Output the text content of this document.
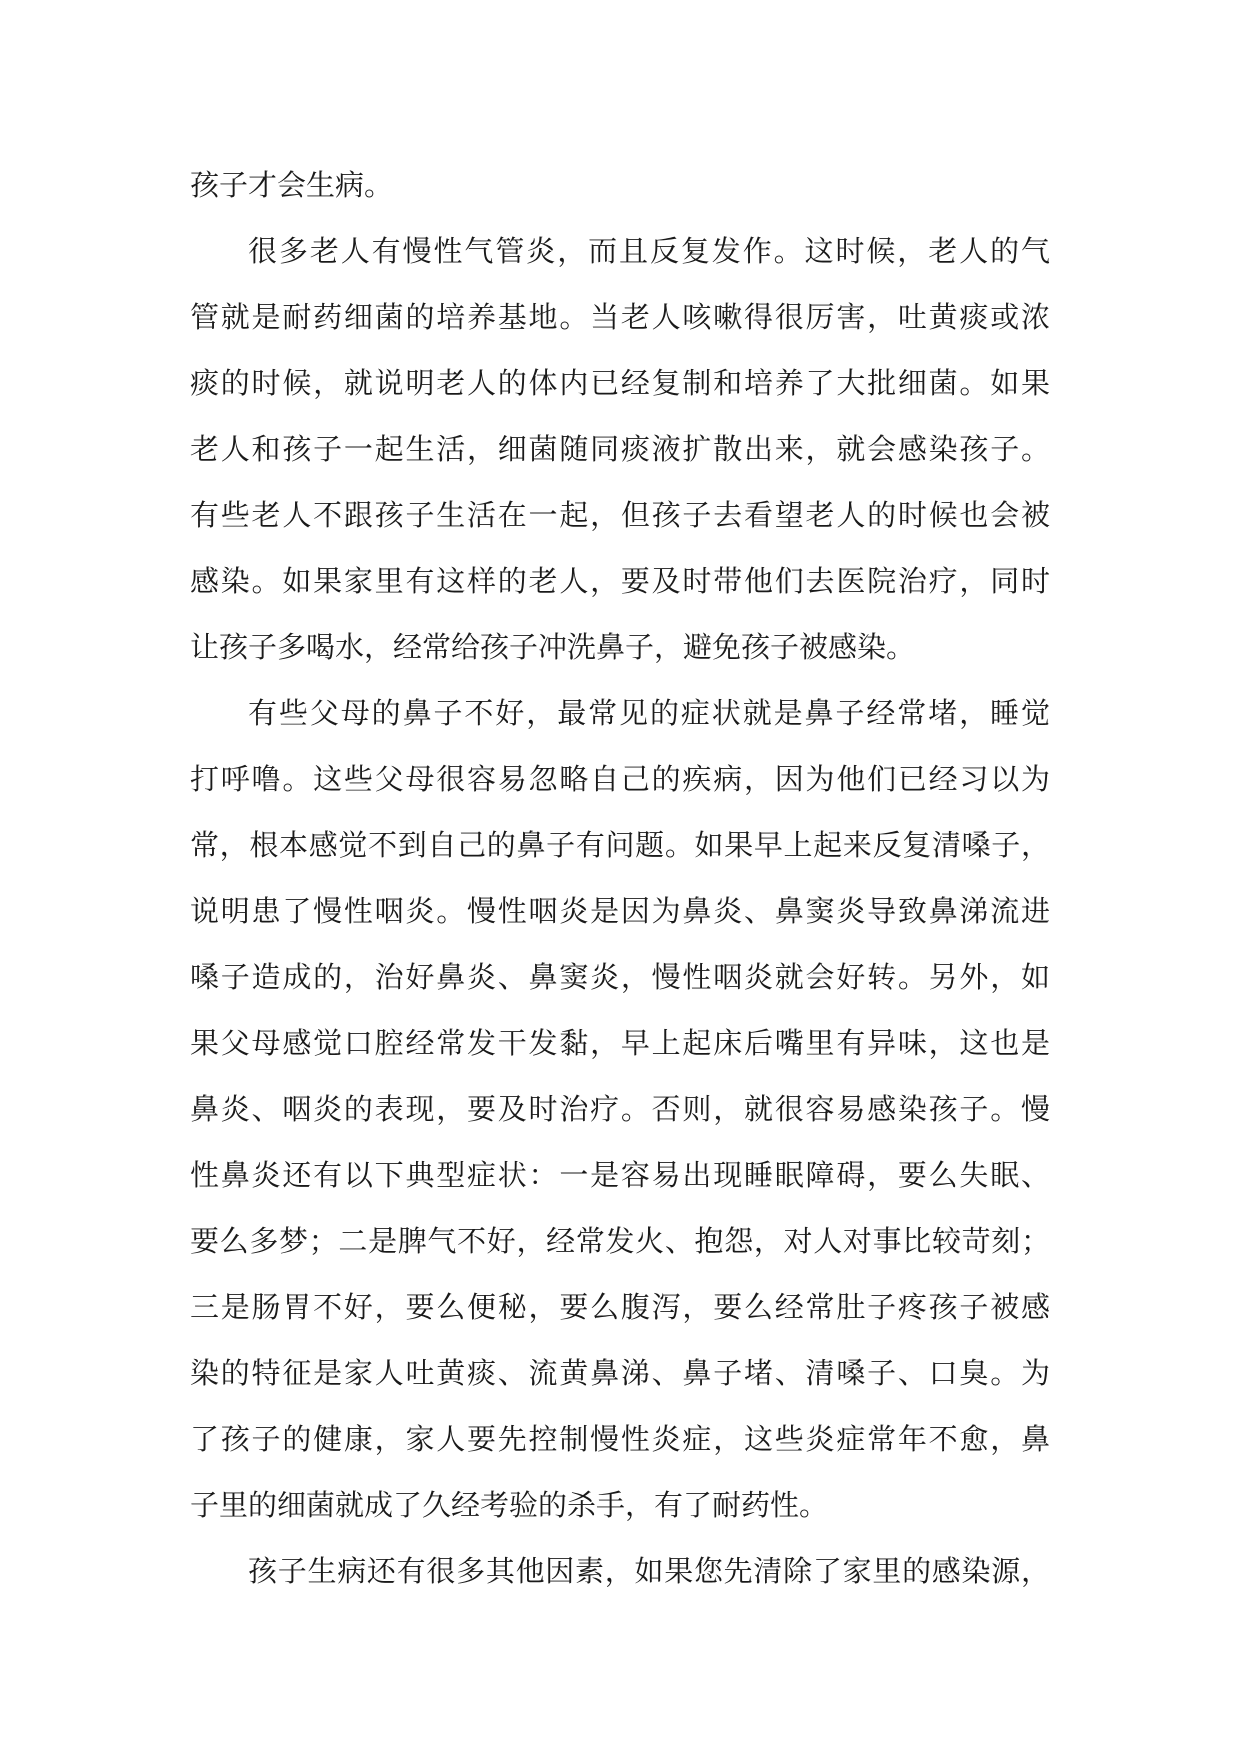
孩子才会生病。

很多老人有慢性气管炎，而且反复发作。这时候，老人的气
管就是耐药细菌的培养基地。当老人咳嗽得很厉害，吐黄痰或浓
痰的时候，就说明老人的体内已经复制和培养了大批细菌。如果
老人和孩子一起生活，细菌随同痰液扩散出来，就会感染孩子。
有些老人不跟孩子生活在一起，但孩子去看望老人的时候也会被
感染。如果家里有这样的老人，要及时带他们去医院治疗，同时
让孩子多喝水，经常给孩子冲洗鼻子，避免孩子被感染。

有些父母的鼻子不好，最常见的症状就是鼻子经常堵，睡觉
打呼噜。这些父母很容易忽略自己的疾病，因为他们已经习以为
常，根本感觉不到自己的鼻子有问题。如果早上起来反复清嗓子，
说明患了慢性咽炎。慢性咽炎是因为鼻炎、鼻窦炎导致鼻涕流进
嗓子造成的，治好鼻炎、鼻窦炎，慢性咽炎就会好转。另外，如
果父母感觉口腔经常发干发黏，早上起床后嘴里有异味，这也是
鼻炎、咽炎的表现，要及时治疗。否则，就很容易感染孩子。慢
性鼻炎还有以下典型症状：一是容易出现睡眠障碍，要么失眠、
要么多梦；二是脾气不好，经常发火、抱怨，对人对事比较苛刻；
三是肠胃不好，要么便秘，要么腹泻，要么经常肚子疼孩子被感
染的特征是家人吐黄痰、流黄鼻涕、鼻子堵、清嗓子、口臭。为
了孩子的健康，家人要先控制慢性炎症，这些炎症常年不愈，鼻
子里的细菌就成了久经考验的杀手，有了耐药性。

孩子生病还有很多其他因素，如果您先清除了家里的感染源，
